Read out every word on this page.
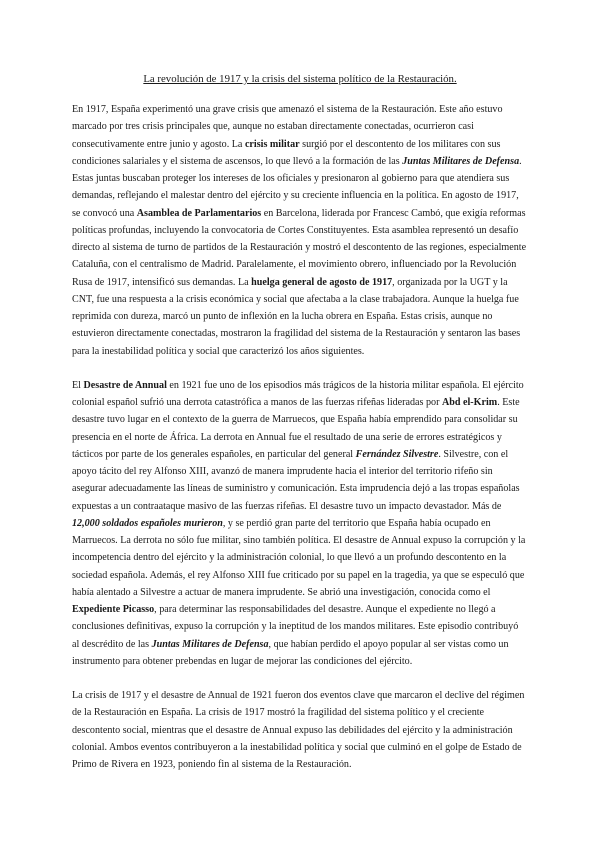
La revolución de 1917 y la crisis del sistema político de la Restauración.

En 1917, España experimentó una grave crisis que amenazó el sistema de la Restauración. Este año estuvo marcado por tres crisis principales que, aunque no estaban directamente conectadas, ocurrieron casi consecutivamente entre junio y agosto. La crisis militar surgió por el descontento de los militares con sus condiciones salariales y el sistema de ascensos, lo que llevó a la formación de las Juntas Militares de Defensa. Estas juntas buscaban proteger los intereses de los oficiales y presionaron al gobierno para que atendiera sus demandas, reflejando el malestar dentro del ejército y su creciente influencia en la política. En agosto de 1917, se convocó una Asamblea de Parlamentarios en Barcelona, liderada por Francesc Cambó, que exigía reformas políticas profundas, incluyendo la convocatoria de Cortes Constituyentes. Esta asamblea representó un desafío directo al sistema de turno de partidos de la Restauración y mostró el descontento de las regiones, especialmente Cataluña, con el centralismo de Madrid. Paralelamente, el movimiento obrero, influenciado por la Revolución Rusa de 1917, intensificó sus demandas. La huelga general de agosto de 1917, organizada por la UGT y la CNT, fue una respuesta a la crisis económica y social que afectaba a la clase trabajadora. Aunque la huelga fue reprimida con dureza, marcó un punto de inflexión en la lucha obrera en España. Estas crisis, aunque no estuvieron directamente conectadas, mostraron la fragilidad del sistema de la Restauración y sentaron las bases para la inestabilidad política y social que caracterizó los años siguientes.

El Desastre de Annual en 1921 fue uno de los episodios más trágicos de la historia militar española. El ejército colonial español sufrió una derrota catastrófica a manos de las fuerzas rifeñas lideradas por Abd el-Krim. Este desastre tuvo lugar en el contexto de la guerra de Marruecos, que España había emprendido para consolidar su presencia en el norte de África. La derrota en Annual fue el resultado de una serie de errores estratégicos y tácticos por parte de los generales españoles, en particular del general Fernández Silvestre. Silvestre, con el apoyo tácito del rey Alfonso XIII, avanzó de manera imprudente hacia el interior del territorio rifeño sin asegurar adecuadamente las líneas de suministro y comunicación. Esta imprudencia dejó a las tropas españolas expuestas a un contraataque masivo de las fuerzas rifeñas. El desastre tuvo un impacto devastador. Más de 12,000 soldados españoles murieron, y se perdió gran parte del territorio que España había ocupado en Marruecos. La derrota no sólo fue militar, sino también política. El desastre de Annual expuso la corrupción y la incompetencia dentro del ejército y la administración colonial, lo que llevó a un profundo descontento en la sociedad española. Además, el rey Alfonso XIII fue criticado por su papel en la tragedia, ya que se especuló que había alentado a Silvestre a actuar de manera imprudente. Se abrió una investigación, conocida como el Expediente Picasso, para determinar las responsabilidades del desastre. Aunque el expediente no llegó a conclusiones definitivas, expuso la corrupción y la ineptitud de los mandos militares. Este episodio contribuyó al descrédito de las Juntas Militares de Defensa, que habían perdido el apoyo popular al ser vistas como un instrumento para obtener prebendas en lugar de mejorar las condiciones del ejército.

La crisis de 1917 y el desastre de Annual de 1921 fueron dos eventos clave que marcaron el declive del régimen de la Restauración en España. La crisis de 1917 mostró la fragilidad del sistema político y el creciente descontento social, mientras que el desastre de Annual expuso las debilidades del ejército y la administración colonial. Ambos eventos contribuyeron a la inestabilidad política y social que culminó en el golpe de Estado de Primo de Rivera en 1923, poniendo fin al sistema de la Restauración.
